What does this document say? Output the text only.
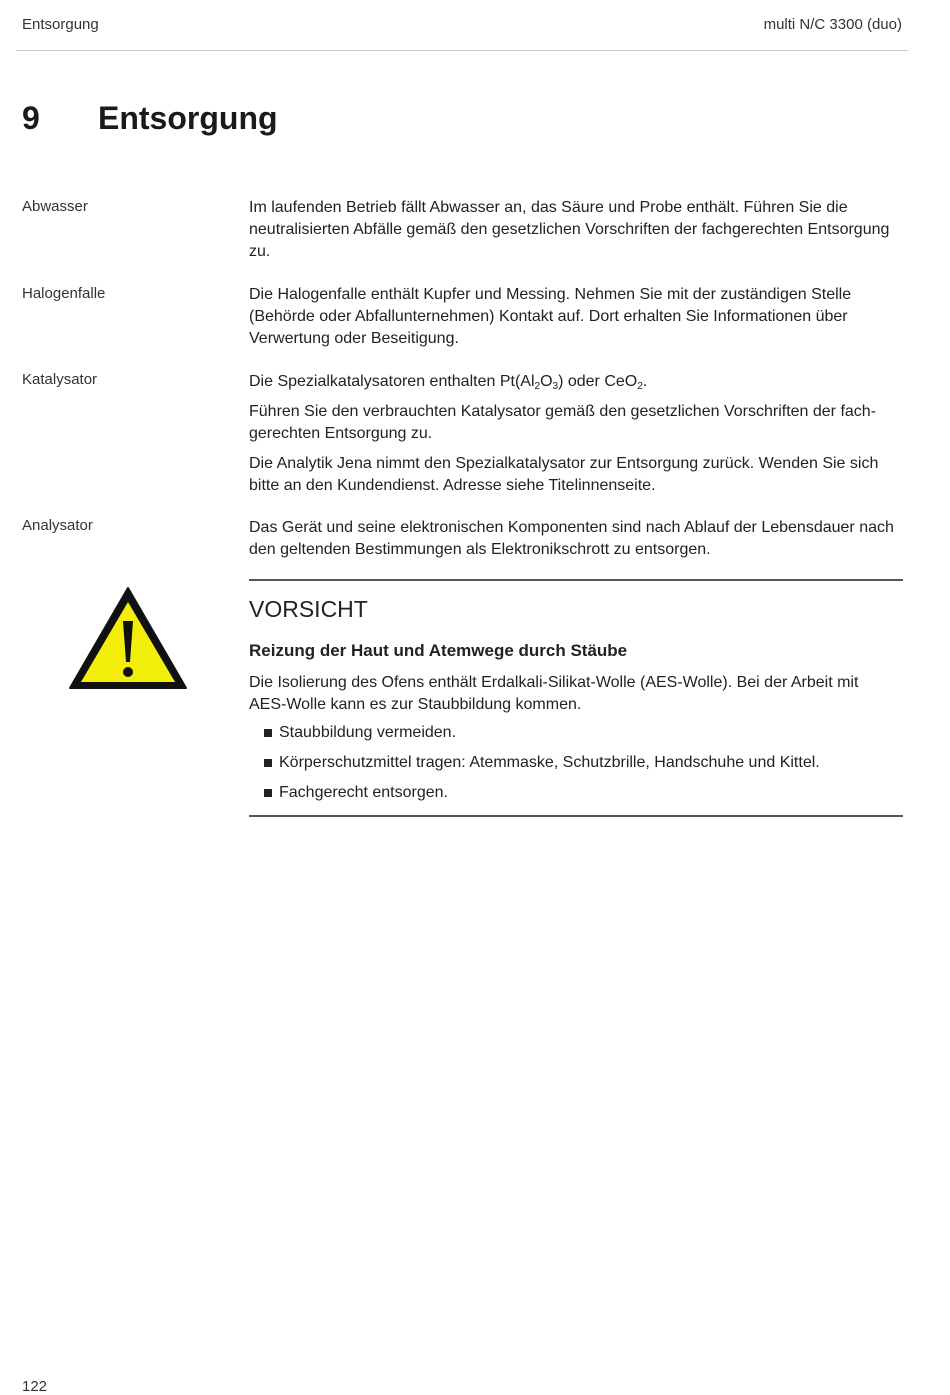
Entsorgung	multi N/C 3300 (duo)
9 Entsorgung
Abwasser	Im laufenden Betrieb fällt Abwasser an, das Säure und Probe enthält. Führen Sie die neutralisierten Abfälle gemäß den gesetzlichen Vorschriften der fachgerechten Entsorgung zu.

Halogenfalle	Die Halogenfalle enthält Kupfer und Messing. Nehmen Sie mit der zuständigen Stelle (Behörde oder Abfallunternehmen) Kontakt auf. Dort erhalten Sie Informationen über Verwertung oder Beseitigung.

Katalysator	Die Spezialkatalysatoren enthalten $Pt(Al_2O_3)$ oder CeO$_2$.

Führen Sie den verbrauchten Katalysator gemäß den gesetzlichen Vorschriften der fachgerechten Entsorgung zu.

Die Analytik Jena nimmt den Spezialkatalysator zur Entsorgung zurück. Wenden Sie sich bitte an den Kundendienst. Adresse siehe Titelinnenseite.

Analysator	Das Gerät und seine elektronischen Komponenten sind nach Ablauf der Lebensdauer nach den geltenden Bestimmungen als Elektronikschrott zu entsorgen.

VORSICHT
Reizung der Haut und Atemwege durch Stäube

Die Isolierung des Ofens enthält Erdalkali-Silikat-Wolle (AES-Wolle). Bei der Arbeit mit AES-Wolle kann es zur Staubbildung kommen.

Staubbildung vermeiden.
Körperschutzmittel tragen: Atemmaske, Schutzbrille, Handschuhe und Kittel.
Fachgerecht entsorgen.
122
